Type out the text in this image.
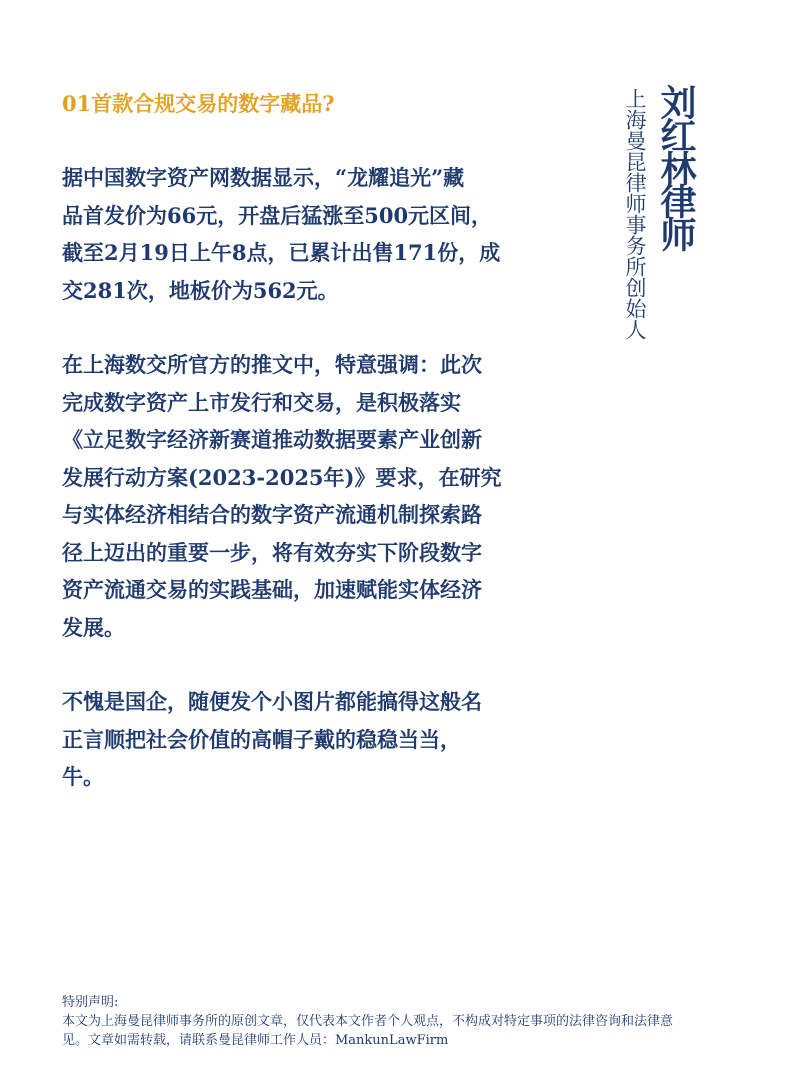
01首款合规交易的数字藏品?
据中国数字资产网数据显示，“龙耀追光”藏
品首发价为66元，开盘后猛涨至500元区间，
截至2月19日上午8点，已累计出售171份，成
交281次，地板价为562元。
在上海数交所官方的推文中，特意强调：此次
完成数字资产上市发行和交易，是积极落实
《立足数字经济新赛道推动数据要素产业创新
发展行动方案(2023-2025年)》要求，在研究
与实体经济相结合的数字资产流通机制探索路
径上迈出的重要一步，将有效夯实下阶段数字
资产流通交易的实践基础，加速赋能实体经济
发展。
不愧是国企，随便发个小图片都能搞得这般名
正言顺把社会价值的高帽子戴的稳稳当当，
牛。
刘红林律师
上海曼昆律师事务所创始人
特别声明:
本文为上海曼昆律师事务所的原创文章，仅代表本文作者个人观点，不构成对特定事项的法律咨询和法律意
见。文章如需转载，请联系曼昆律师工作人员：MankunLawFirm
